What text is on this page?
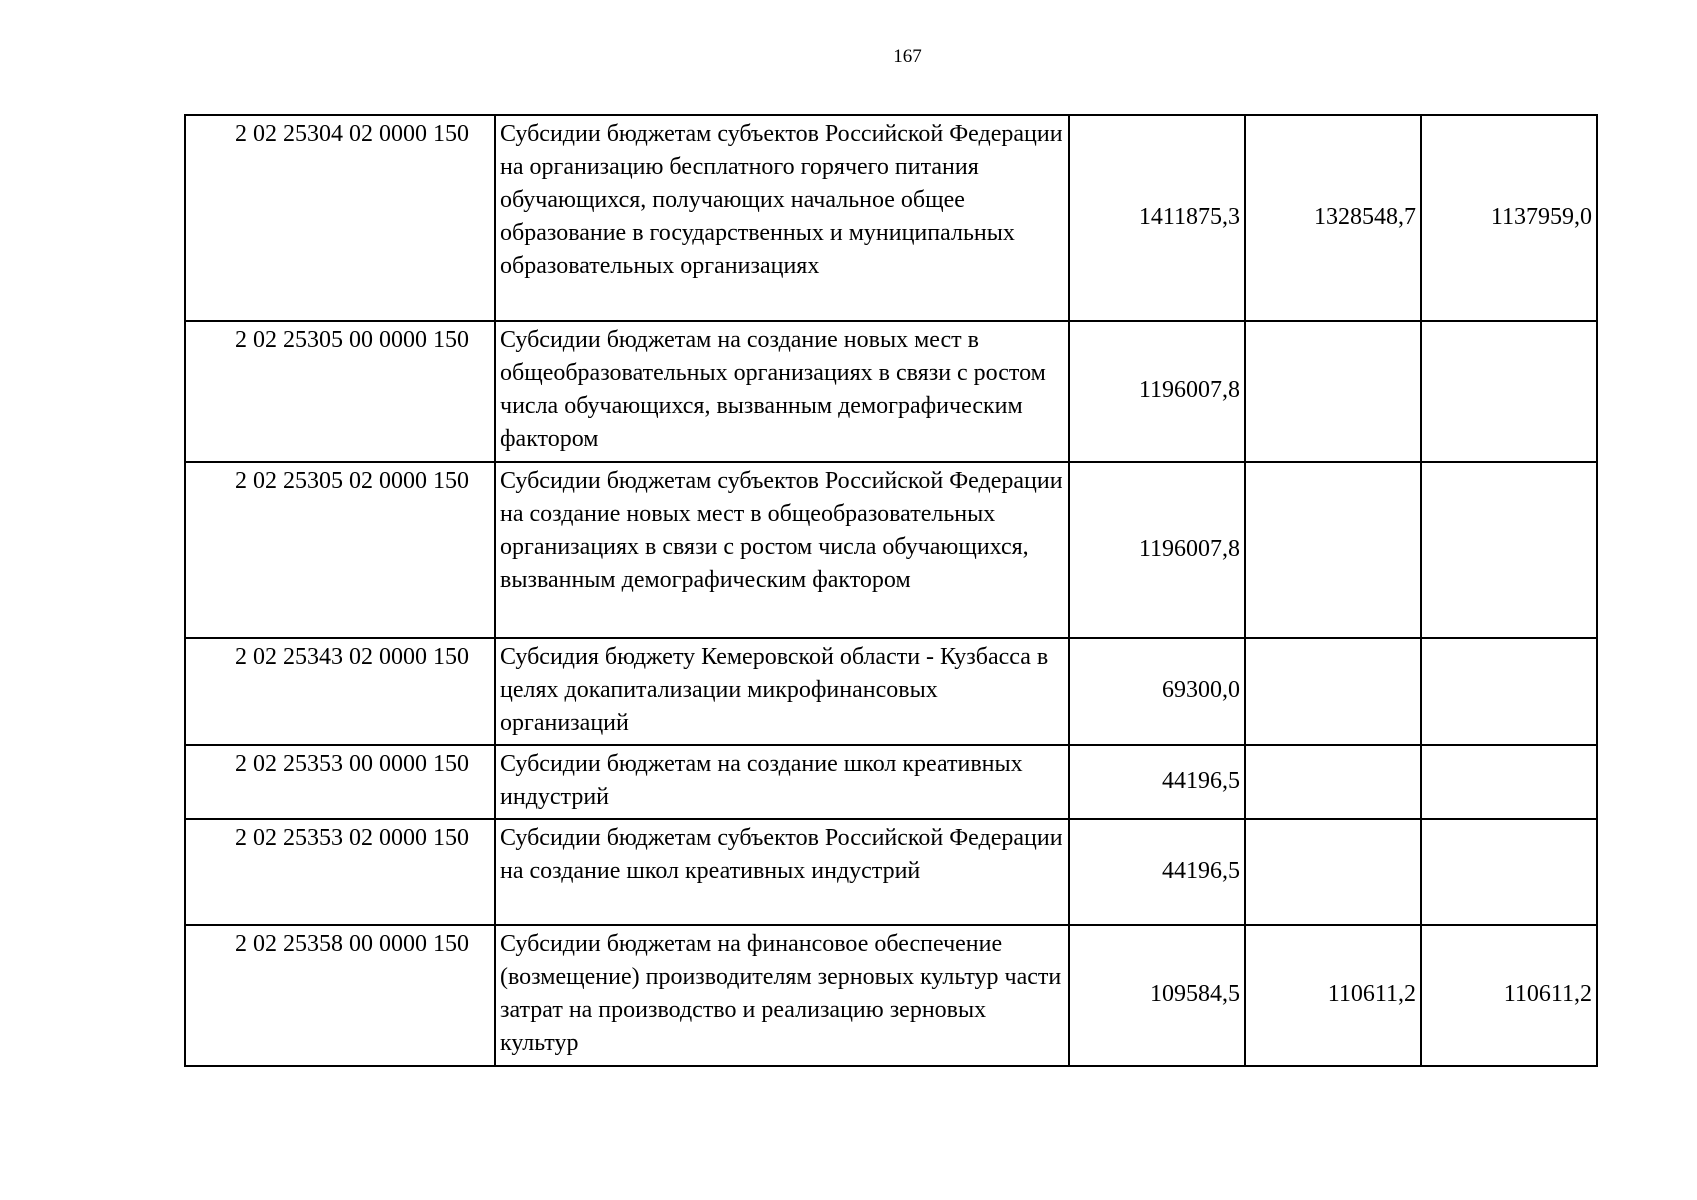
167
2 02 25304 02 0000 150	Субсидии бюджетам субъектов Российской Федерации на организацию бесплатного горячего питания обучающихся, получающих начальное общее образование в государственных и муниципальных образовательных организациях	1411875,3	1328548,7	1137959,0
2 02 25305 00 0000 150	Субсидии бюджетам на создание новых мест в общеобразовательных организациях в связи с ростом числа обучающихся, вызванным демографическим фактором	1196007,8		
2 02 25305 02 0000 150	Субсидии бюджетам субъектов Российской Федерации на создание новых мест в общеобразовательных организациях в связи с ростом числа обучающихся, вызванным демографическим фактором	1196007,8		
2 02 25343 02 0000 150	Субсидия бюджету Кемеровской области - Кузбасса в целях докапитализации микрофинансовых организаций	69300,0		
2 02 25353 00 0000 150	Субсидии бюджетам на создание школ креативных индустрий	44196,5		
2 02 25353 02 0000 150	Субсидии бюджетам субъектов Российской Федерации на создание школ креативных индустрий	44196,5		
2 02 25358 00 0000 150	Субсидии бюджетам на финансовое обеспечение (возмещение) производителям зерновых культур части затрат на производство и реализацию зерновых культур	109584,5	110611,2	110611,2
